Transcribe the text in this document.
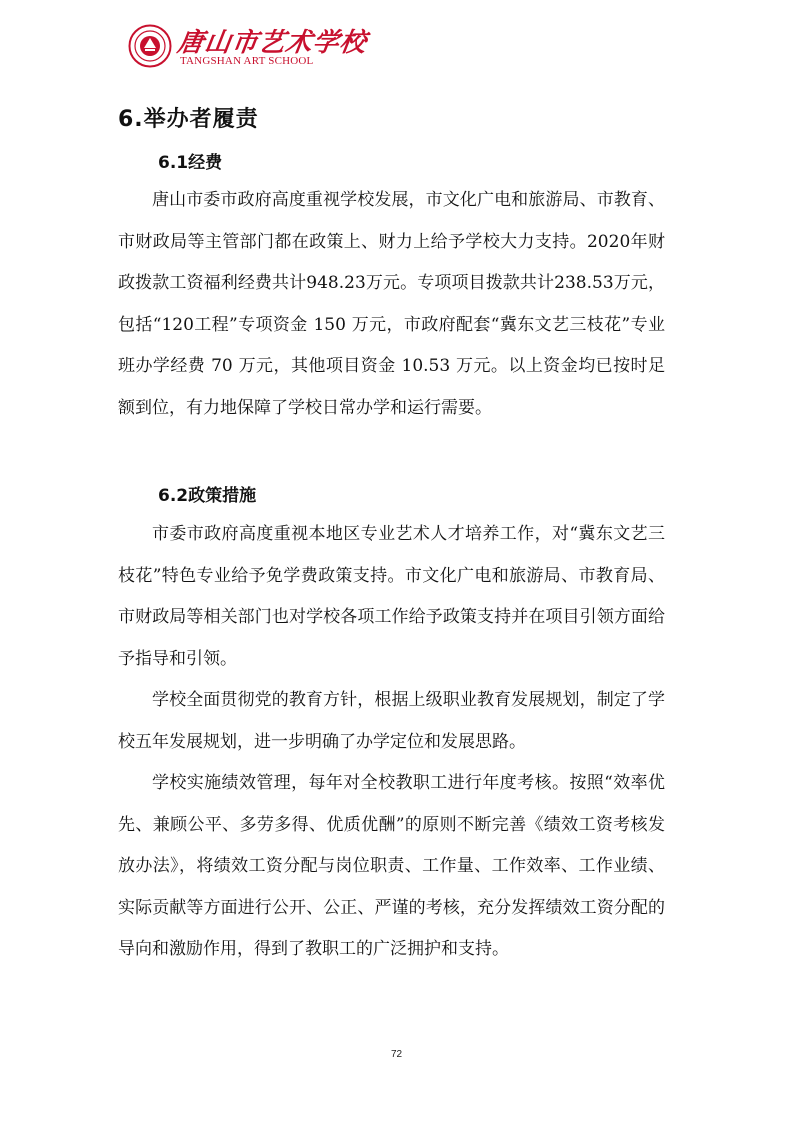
唐山市艺术学校
TANGSHAN ART SCHOOL
6.举办者履责
6.1经费

唐山市委市政府高度重视学校发展，市文化广电和旅游局、市教育、市财政局等主管部门都在政策上、财力上给予学校大力支持。2020年财政拨款工资福利经费共计948.23万元。专项项目拨款共计238.53万元，包括“120工程”专项资金 150 万元，市政府配套“冀东文艺三枝花”专业班办学经费 70 万元，其他项目资金 10.53 万元。以上资金均已按时足额到位，有力地保障了学校日常办学和运行需要。

6.2政策措施

市委市政府高度重视本地区专业艺术人才培养工作，对“冀东文艺三枝花”特色专业给予免学费政策支持。市文化广电和旅游局、市教育局、市财政局等相关部门也对学校各项工作给予政策支持并在项目引领方面给予指导和引领。

学校全面贯彻党的教育方针，根据上级职业教育发展规划，制定了学校五年发展规划，进一步明确了办学定位和发展思路。

学校实施绩效管理，每年对全校教职工进行年度考核。按照“效率优先、兼顾公平、多劳多得、优质优酬”的原则不断完善《绩效工资考核发放办法》，将绩效工资分配与岗位职责、工作量、工作效率、工作业绩、实际贡献等方面进行公开、公正、严谨的考核，充分发挥绩效工资分配的导向和激励作用，得到了教职工的广泛拥护和支持。

72
